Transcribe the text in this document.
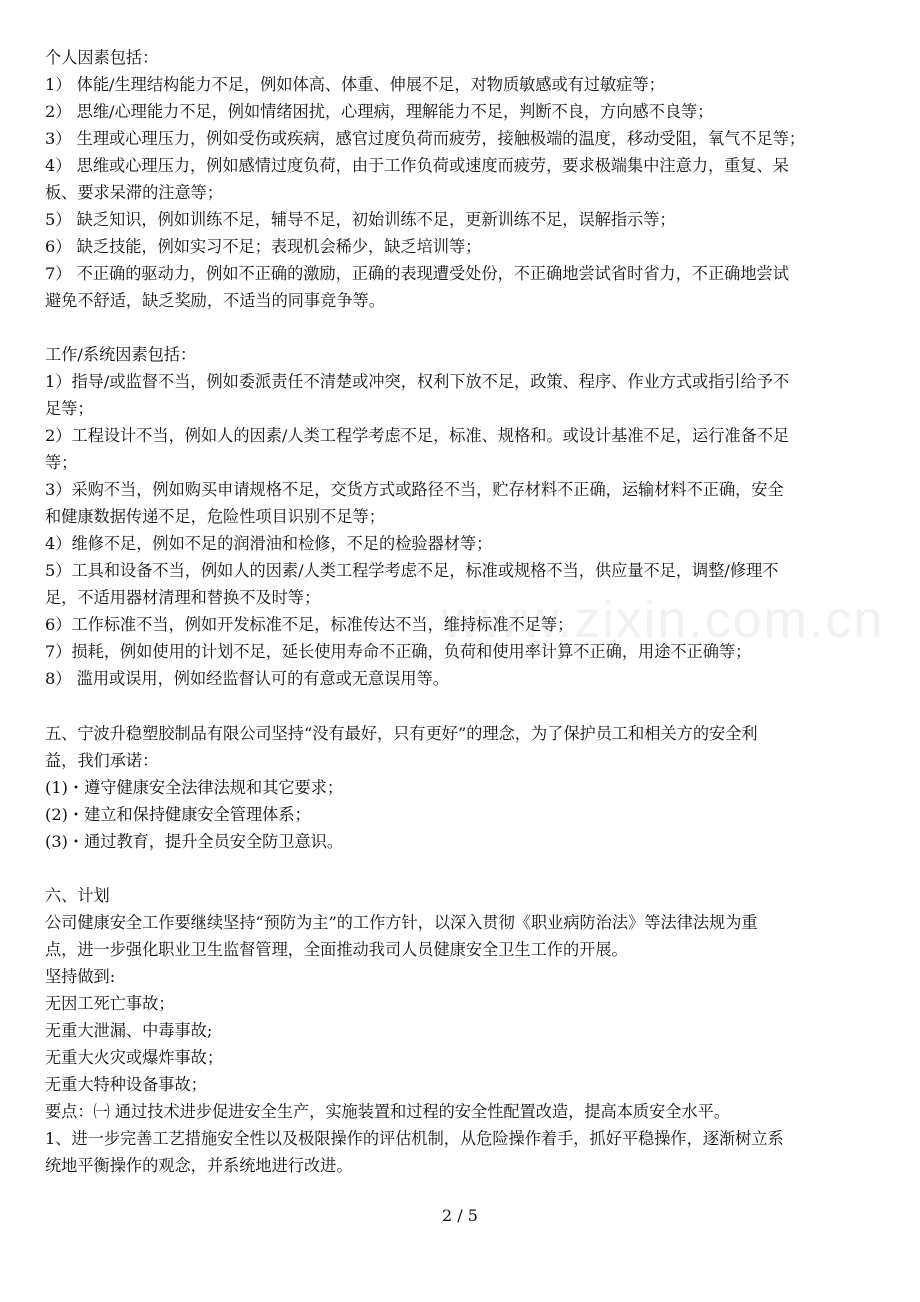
www.zixin.com.cn
个人因素包括：
1） 体能/生理结构能力不足，例如体高、体重、伸展不足，对物质敏感或有过敏症等；
2） 思维/心理能力不足，例如情绪困扰，心理病，理解能力不足，判断不良，方向感不良等；
3） 生理或心理压力，例如受伤或疾病，感官过度负荷而疲劳，接触极端的温度，移动受阻，氧气不足等；
4） 思维或心理压力，例如感情过度负荷，由于工作负荷或速度而疲劳，要求极端集中注意力，重复、呆
板、要求呆滞的注意等；
5） 缺乏知识，例如训练不足，辅导不足，初始训练不足，更新训练不足，误解指示等；
6） 缺乏技能，例如实习不足；表现机会稀少，缺乏培训等；
7） 不正确的驱动力，例如不正确的激励，正确的表现遭受处份，不正确地尝试省时省力，不正确地尝试
避免不舒适，缺乏奖励，不适当的同事竞争等。
工作/系统因素包括：
1）指导/或监督不当，例如委派责任不清楚或冲突，权利下放不足，政策、程序、作业方式或指引给予不
足等；
2）工程设计不当，例如人的因素/人类工程学考虑不足，标准、规格和。或设计基准不足，运行准备不足
等；
3）采购不当，例如购买申请规格不足，交货方式或路径不当，贮存材料不正确，运输材料不正确，安全
和健康数据传递不足，危险性项目识别不足等；
4）维修不足，例如不足的润滑油和检修，不足的检验器材等；
5）工具和设备不当，例如人的因素/人类工程学考虑不足，标准或规格不当，供应量不足，调整/修理不
足，不适用器材清理和替换不及时等；
6）工作标准不当，例如开发标准不足，标准传达不当，维持标准不足等；
7）损耗，例如使用的计划不足，延长使用寿命不正确，负荷和使用率计算不正确，用途不正确等；
8） 滥用或误用，例如经监督认可的有意或无意误用等。
五、宁波升稳塑胶制品有限公司坚持“没有最好，只有更好”的理念，为了保护员工和相关方的安全利
益，我们承诺：
(1)・遵守健康安全法律法规和其它要求；
(2)・建立和保持健康安全管理体系；
(3)・通过教育，提升全员安全防卫意识。
六、计划
公司健康安全工作要继续坚持“预防为主”的工作方针，以深入贯彻《职业病防治法》等法律法规为重
点，进一步强化职业卫生监督管理，全面推动我司人员健康安全卫生工作的开展。
坚持做到:
无因工死亡事故；
无重大泄漏、中毒事故;
无重大火灾或爆炸事故；
无重大特种设备事故；
要点：㈠ 通过技术进步促进安全生产，实施装置和过程的安全性配置改造，提高本质安全水平。
1、进一步完善工艺措施安全性以及极限操作的评估机制，从危险操作着手，抓好平稳操作，逐渐树立系
统地平衡操作的观念，并系统地进行改进。
2 / 5
